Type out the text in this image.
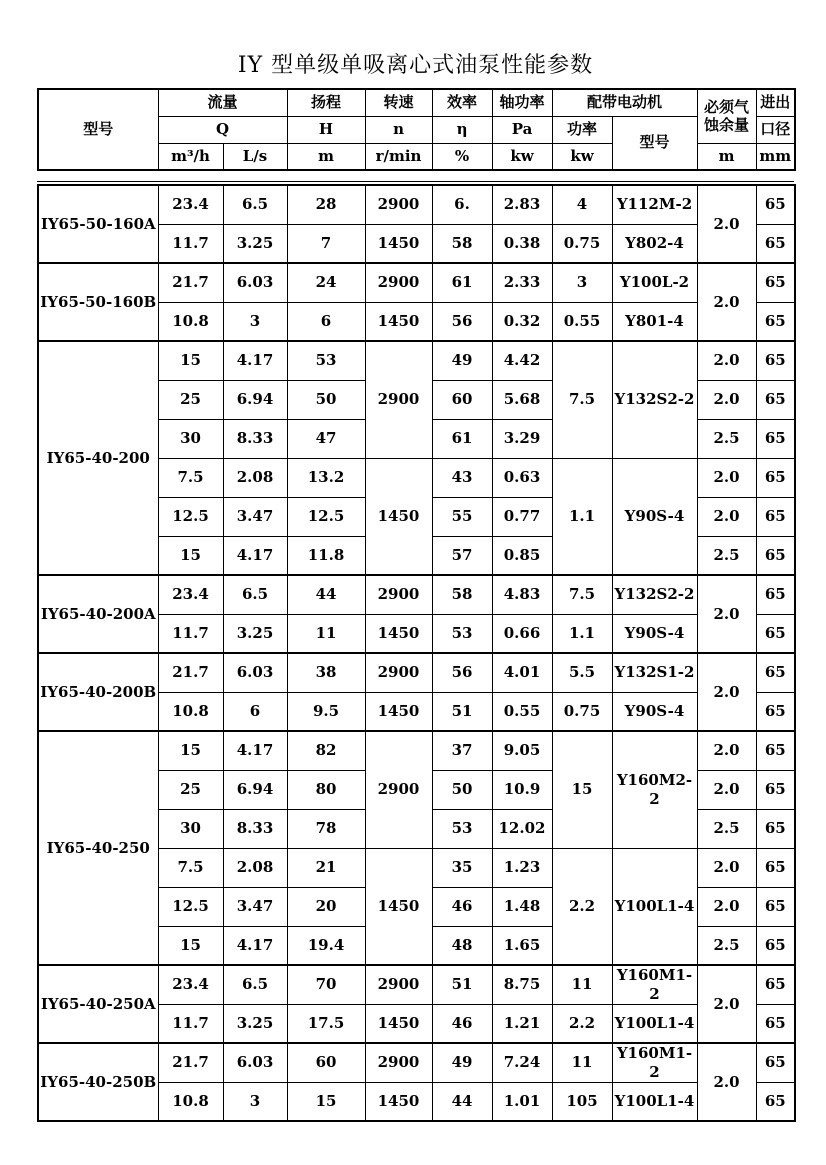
IY 型单级单吸离心式油泵性能参数
型号	流量		扬程	转速	效率	轴功率	配带电动机		必须气蚀余量	进出
	Q		H	n	η	Pa	功率	型号		口径
	m³/h	L/s	m	r/min	%	kw	kw		m	mm
IY65-50-160A	23.4	6.5	28	2900	6.	2.83	4	Y112M-2	2.0	65
	11.7	3.25	7	1450	58	0.38	0.75	Y802-4		65
IY65-50-160B	21.7	6.03	24	2900	61	2.33	3	Y100L-2	2.0	65
	10.8	3	6	1450	56	0.32	0.55	Y801-4		65
IY65-40-200	15	4.17	53	2900	49	4.42	7.5	Y132S2-2	2.0	65
	25	6.94	50		60	5.68			2.0	65
	30	8.33	47		61	3.29			2.5	65
	7.5	2.08	13.2	1450	43	0.63	1.1	Y90S-4	2.0	65
	12.5	3.47	12.5		55	0.77			2.0	65
	15	4.17	11.8		57	0.85			2.5	65
IY65-40-200A	23.4	6.5	44	2900	58	4.83	7.5	Y132S2-2	2.0	65
	11.7	3.25	11	1450	53	0.66	1.1	Y90S-4		65
IY65-40-200B	21.7	6.03	38	2900	56	4.01	5.5	Y132S1-2	2.0	65
	10.8	6	9.5	1450	51	0.55	0.75	Y90S-4		65
IY65-40-250	15	4.17	82	2900	37	9.05	15	Y160M2-2	2.0	65
	25	6.94	80		50	10.9			2.0	65
	30	8.33	78		53	12.02			2.5	65
	7.5	2.08	21	1450	35	1.23	2.2	Y100L1-4	2.0	65
	12.5	3.47	20		46	1.48			2.0	65
	15	4.17	19.4		48	1.65			2.5	65
IY65-40-250A	23.4	6.5	70	2900	51	8.75	11	Y160M1-2	2.0	65
	11.7	3.25	17.5	1450	46	1.21	2.2	Y100L1-4		65
IY65-40-250B	21.7	6.03	60	2900	49	7.24	11	Y160M1-2	2.0	65
	10.8	3	15	1450	44	1.01	105	Y100L1-4		65
